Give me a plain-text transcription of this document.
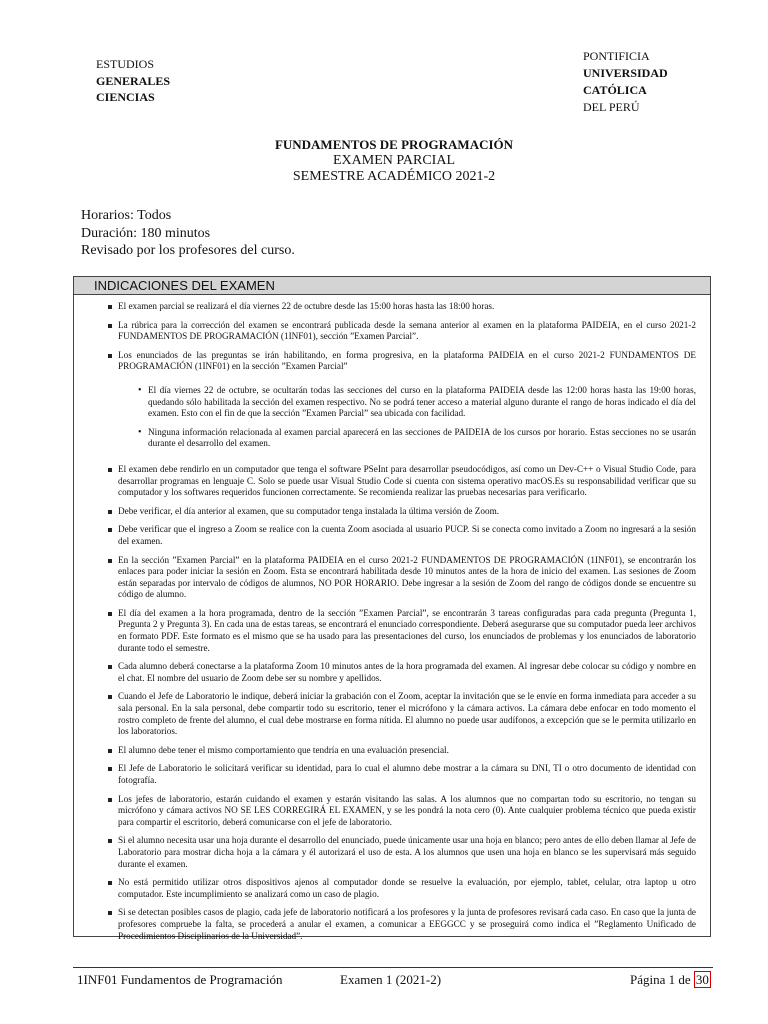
ESTUDIOS
GENERALES
CIENCIAS
PONTIFICIA
UNIVERSIDAD
CATÓLICA
DEL PERÚ
FUNDAMENTOS DE PROGRAMACIÓN
EXAMEN PARCIAL
SEMESTRE ACADÉMICO 2021-2
Horarios: Todos
Duración: 180 minutos
Revisado por los profesores del curso.
INDICACIONES DEL EXAMEN
El examen parcial se realizará el día viernes 22 de octubre desde las 15:00 horas hasta las 18:00 horas.
La rúbrica para la corrección del examen se encontrará publicada desde la semana anterior al examen en la plataforma PAIDEIA, en el curso 2021-2 FUNDAMENTOS DE PROGRAMACIÓN (1INF01), sección ”Examen Parcial”.
Los enunciados de las preguntas se irán habilitando, en forma progresiva, en la plataforma PAIDEIA en el curso 2021-2 FUNDAMENTOS DE PROGRAMACIÓN (1INF01) en la sección ”Examen Parcial”
• El día viernes 22 de octubre, se ocultarán todas las secciones del curso en la plataforma PAIDEIA desde las 12:00 horas hasta las 19:00 horas, quedando sólo habilitada la sección del examen respectivo. No se podrá tener acceso a material alguno durante el rango de horas indicado el día del examen. Esto con el fin de que la sección ”Examen Parcial” sea ubicada con facilidad.
• Ninguna información relacionada al examen parcial aparecerá en las secciones de PAIDEIA de los cursos por horario. Estas secciones no se usarán durante el desarrollo del examen.
El examen debe rendirlo en un computador que tenga el software PSeInt para desarrollar pseudocódigos, así como un Dev-C++ o Visual Studio Code, para desarrollar programas en lenguaje C. Solo se puede usar Visual Studio Code si cuenta con sistema operativo macOS.Es su responsabilidad verificar que su computador y los softwares requeridos funcionen correctamente. Se recomienda realizar las pruebas necesarias para verificarlo.
Debe verificar, el día anterior al examen, que su computador tenga instalada la última versión de Zoom.
Debe verificar que el ingreso a Zoom se realice con la cuenta Zoom asociada al usuario PUCP. Si se conecta como invitado a Zoom no ingresará a la sesión del examen.
En la sección ”Examen Parcial” en la plataforma PAIDEIA en el curso 2021-2 FUNDAMENTOS DE PROGRAMACIÓN (1INF01), se encontrarán los enlaces para poder iniciar la sesión en Zoom. Esta se encontrará habilitada desde 10 minutos antes de la hora de inicio del examen. Las sesiones de Zoom están separadas por intervalo de códigos de alumnos, NO POR HORARIO. Debe ingresar a la sesión de Zoom del rango de códigos donde se encuentre su código de alumno.
El día del examen a la hora programada, dentro de la sección ”Examen Parcial”, se encontrarán 3 tareas configuradas para cada pregunta (Pregunta 1, Pregunta 2 y Pregunta 3). En cada una de estas tareas, se encontrará el enunciado correspondiente. Deberá asegurarse que su computador pueda leer archivos en formato PDF. Este formato es el mismo que se ha usado para las presentaciones del curso, los enunciados de problemas y los enunciados de laboratorio durante todo el semestre.
Cada alumno deberá conectarse a la plataforma Zoom 10 minutos antes de la hora programada del examen. Al ingresar debe colocar su código y nombre en el chat. El nombre del usuario de Zoom debe ser su nombre y apellidos.
Cuando el Jefe de Laboratorio le indique, deberá iniciar la grabación con el Zoom, aceptar la invitación que se le envíe en forma inmediata para acceder a su sala personal. En la sala personal, debe compartir todo su escritorio, tener el micrófono y la cámara activos. La cámara debe enfocar en todo momento el rostro completo de frente del alumno, el cual debe mostrarse en forma nítida. El alumno no puede usar audífonos, a excepción que se le permita utilizarlo en los laboratorios.
El alumno debe tener el mismo comportamiento que tendría en una evaluación presencial.
El Jefe de Laboratorio le solicitará verificar su identidad, para lo cual el alumno debe mostrar a la cámara su DNI, TI o otro documento de identidad con fotografía.
Los jefes de laboratorio, estarán cuidando el examen y estarán visitando las salas. A los alumnos que no compartan todo su escritorio, no tengan su micrófono y cámara activos NO SE LES CORREGIRÁ EL EXAMEN, y se les pondrá la nota cero (0). Ante cualquier problema técnico que pueda existir para compartir el escritorio, deberá comunicarse con el jefe de laboratorio.
Si el alumno necesita usar una hoja durante el desarrollo del enunciado, puede únicamente usar una hoja en blanco; pero antes de ello deben llamar al Jefe de Laboratorio para mostrar dicha hoja a la cámara y él autorizará el uso de esta. A los alumnos que usen una hoja en blanco se les supervisará más seguido durante el examen.
No está permitido utilizar otros dispositivos ajenos al computador donde se resuelve la evaluación, por ejemplo, tablet, celular, otra laptop u otro computador. Este incumplimiento se analizará como un caso de plagio.
Si se detectan posibles casos de plagio, cada jefe de laboratorio notificará a los profesores y la junta de profesores revisará cada caso. En caso que la junta de profesores compruebe la falta, se procederá a anular el examen, a comunicar a EEGGCC y se proseguirá como indica el ”Reglamento Unificado de Procedimientos Disciplinarios de la Universidad”.
1INF01 Fundamentos de Programación	Examen 1 (2021-2)	Página 1 de 30
